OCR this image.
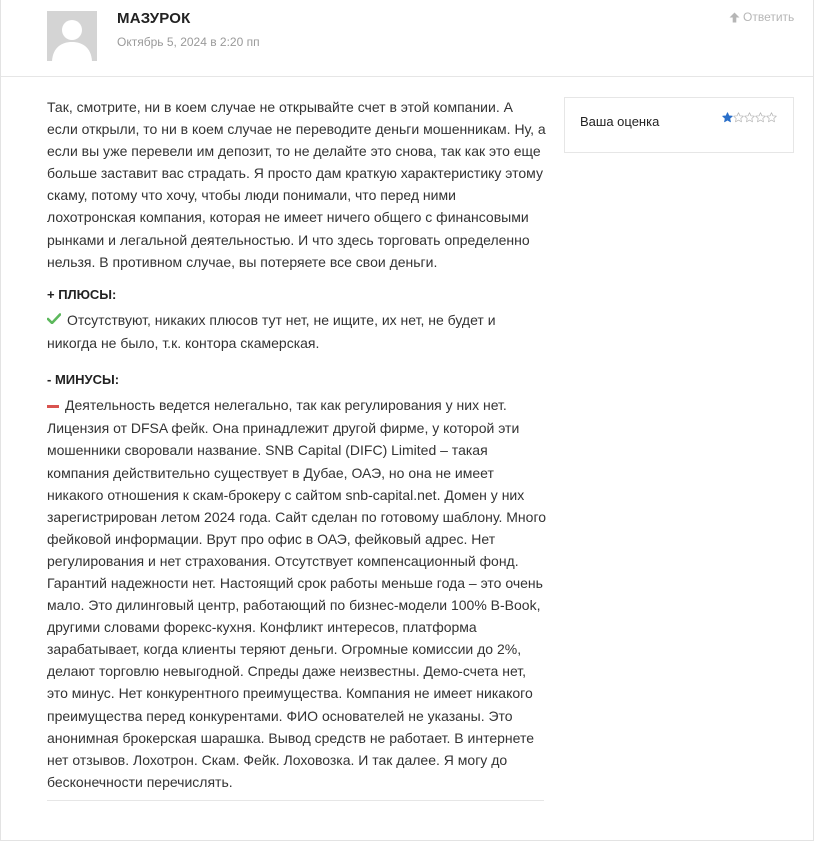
МАЗУРОК
Октябрь 5, 2024 в 2:20 пп
Ответить

Так, смотрите, ни в коем случае не открывайте счет в этой компании. А если открыли, то ни в коем случае не переводите деньги мошенникам. Ну, а если вы уже перевели им депозит, то не делайте это снова, так как это еще больше заставит вас страдать. Я просто дам краткую характеристику этому скаму, потому что хочу, чтобы люди понимали, что перед ними лохотронская компания, которая не имеет ничего общего с финансовыми рынками и легальной деятельностью. И что здесь торговать определенно нельзя. В противном случае, вы потеряете все свои деньги.

+ ПЛЮСЫ:
Отсутствуют, никаких плюсов тут нет, не ищите, их нет, не будет и никогда не было, т.к. контора скамерская.
- МИНУСЫ:
Деятельность ведется нелегально, так как регулирования у них нет. Лицензия от DFSA фейк. Она принадлежит другой фирме, у которой эти мошенники своровали название. SNB Capital (DIFC) Limited – такая компания действительно существует в Дубае, ОАЭ, но она не имеет никакого отношения к скам-брокеру с сайтом snb-capital.net. Домен у них зарегистрирован летом 2024 года. Сайт сделан по готовому шаблону. Много фейковой информации. Врут про офис в ОАЭ, фейковый адрес. Нет регулирования и нет страхования. Отсутствует компенсационный фонд. Гарантий надежности нет. Настоящий срок работы меньше года – это очень мало. Это дилинговый центр, работающий по бизнес-модели 100% B-Book, другими словами форекс-кухня. Конфликт интересов, платформа зарабатывает, когда клиенты теряют деньги. Огромные комиссии до 2%, делают торговлю невыгодной. Спреды даже неизвестны. Демо-счета нет, это минус. Нет конкурентного преимущества. Компания не имеет никакого преимущества перед конкурентами. ФИО основателей не указаны. Это анонимная брокерская шарашка. Вывод средств не работает. В интернете нет отзывов. Лохотрон. Скам. Фейк. Лоховозка. И так далее. Я могу до бесконечности перечислять.
Ваша оценка
